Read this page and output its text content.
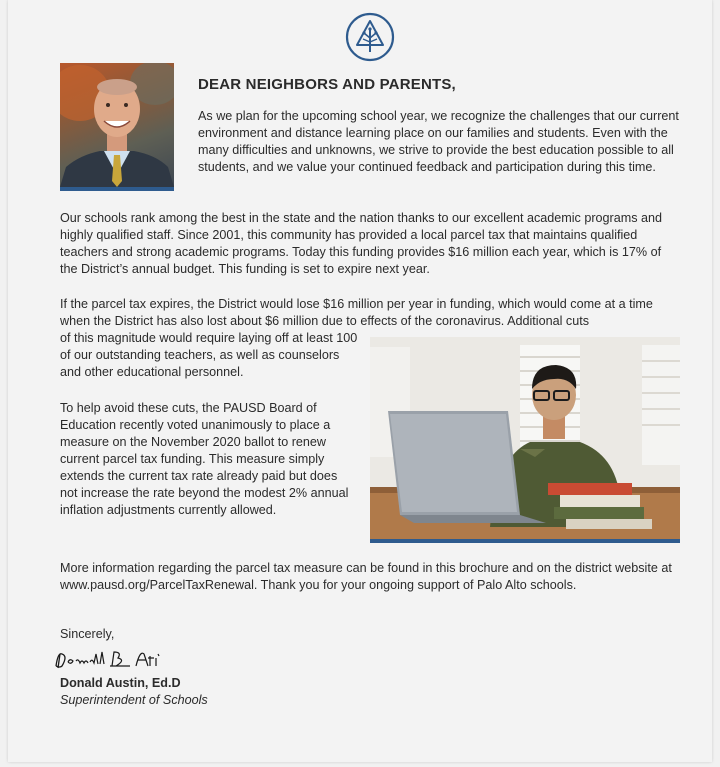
DEAR NEIGHBORS AND PARENTS,

As we plan for the upcoming school year, we recognize the challenges that our current environment and distance learning place on our families and students. Even with the many difficulties and unknowns, we strive to provide the best education possible to all students, and we value your continued feedback and participation during this time.

Our schools rank among the best in the state and the nation thanks to our excellent academic programs and highly qualified staff. Since 2001, this community has provided a local parcel tax that maintains qualified teachers and strong academic programs. Today this funding provides $16 million each year, which is 17% of the District’s annual budget. This funding is set to expire next year.

If the parcel tax expires, the District would lose $16 million per year in funding, which would come at a time when the District has also lost about $6 million due to effects of the coronavirus. Additional cuts

of this magnitude would require laying off at least 100 of our outstanding teachers, as well as counselors and other educational personnel.

To help avoid these cuts, the PAUSD Board of Education recently voted unanimously to place a measure on the November 2020 ballot to renew current parcel tax funding. This measure simply extends the current tax rate already paid but does not increase the rate beyond the modest 2% annual inflation adjustments currently allowed.

More information regarding the parcel tax measure can be found in this brochure and on the district website at www.pausd.org/ParcelTaxRenewal. Thank you for your ongoing support of Palo Alto schools.

Sincerely,

Donald Austin, Ed.D

Superintendent of Schools
